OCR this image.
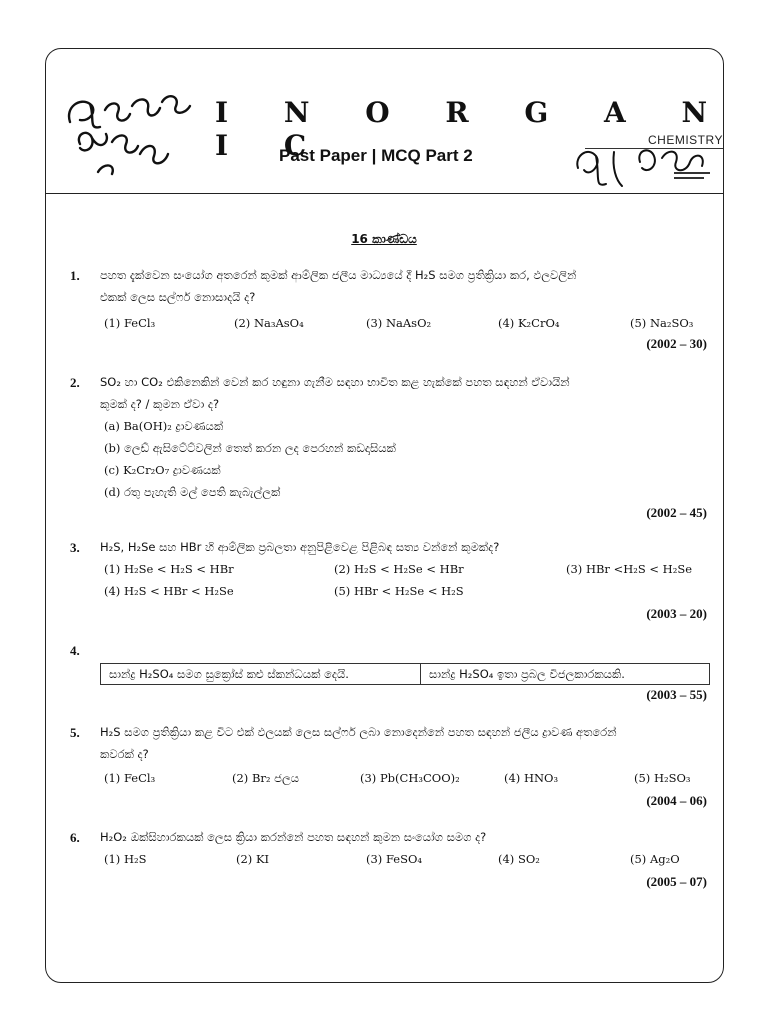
I N O R G A N I C
Past Paper | MCQ Part 2
CHEMISTRY
16 කාණ්ඩය
1. පහත දැක්වෙන සංයෝග අතරෙන් කුමක් ආම්ලික ජලීය මාධ්‍යයේ දී H₂S සමග ප්‍රතික්‍රියා කර, ඵලවලින්
එකක් ලෙස සල්ෆර් නොසාදයි ද?
(1) FeCl₃	(2) Na₃AsO₄	(3) NaAsO₂	(4) K₂CrO₄	(5) Na₂SO₃
(2002 – 30)
2. SO₂ හා CO₂ එකිනෙකින් වෙන් කර හඳුනා ගැනීම සඳහා භාවිත කළ හැක්කේ පහත සඳහන් ඒවායින්
කුමක් ද? / කුමන ඒවා ද?
(a) Ba(OH)₂ ද්‍රාවණයක්
(b) ලෙඩ් ඇසිටේට්වලින් තෙත් කරන ලද පෙරහන් කඩදාසියක්
(c) K₂Cr₂O₇ ද්‍රාවණයක්
(d) රතු පැහැති මල් පෙති කැබැල්ලක්
(2002 – 45)
3. H₂S, H₂Se සහ HBr හි ආම්ලික ප්‍රබලතා අනුපිළිවෙළ පිළිබඳ සත්‍ය වන්නේ කුමක්ද?
(1) H₂Se < H₂S < HBr	(2) H₂S < H₂Se < HBr	(3) HBr <H₂S < H₂Se
(4) H₂S < HBr < H₂Se	(5) HBr < H₂Se < H₂S
(2003 – 20)
4.
සාන්ද්‍ර H₂SO₄ සමග සුක්‍රෝස් කළු ස්කන්ධයක් දෙයි.	සාන්ද්‍ර H₂SO₄ ඉතා ප්‍රබල විජලකාරකයකි.
(2003 – 55)
5. H₂S සමග ප්‍රතික්‍රියා කළ විට එක් ඵලයක් ලෙස සල්ෆර් ලබා නොදෙන්නේ පහත සඳහන් ජලීය ද්‍රාවණ අතරෙන්
කවරක් ද?
(1) FeCl₃	(2) Br₂ ජලය	(3) Pb(CH₃COO)₂	(4) HNO₃	(5) H₂SO₃
(2004 – 06)
6. H₂O₂ ඔක්සිහාරකයක් ලෙස ක්‍රියා කරන්නේ පහත සඳහන් කුමන සංයෝග සමග ද?
(1) H₂S	(2) KI	(3) FeSO₄	(4) SO₂	(5) Ag₂O
(2005 – 07)
